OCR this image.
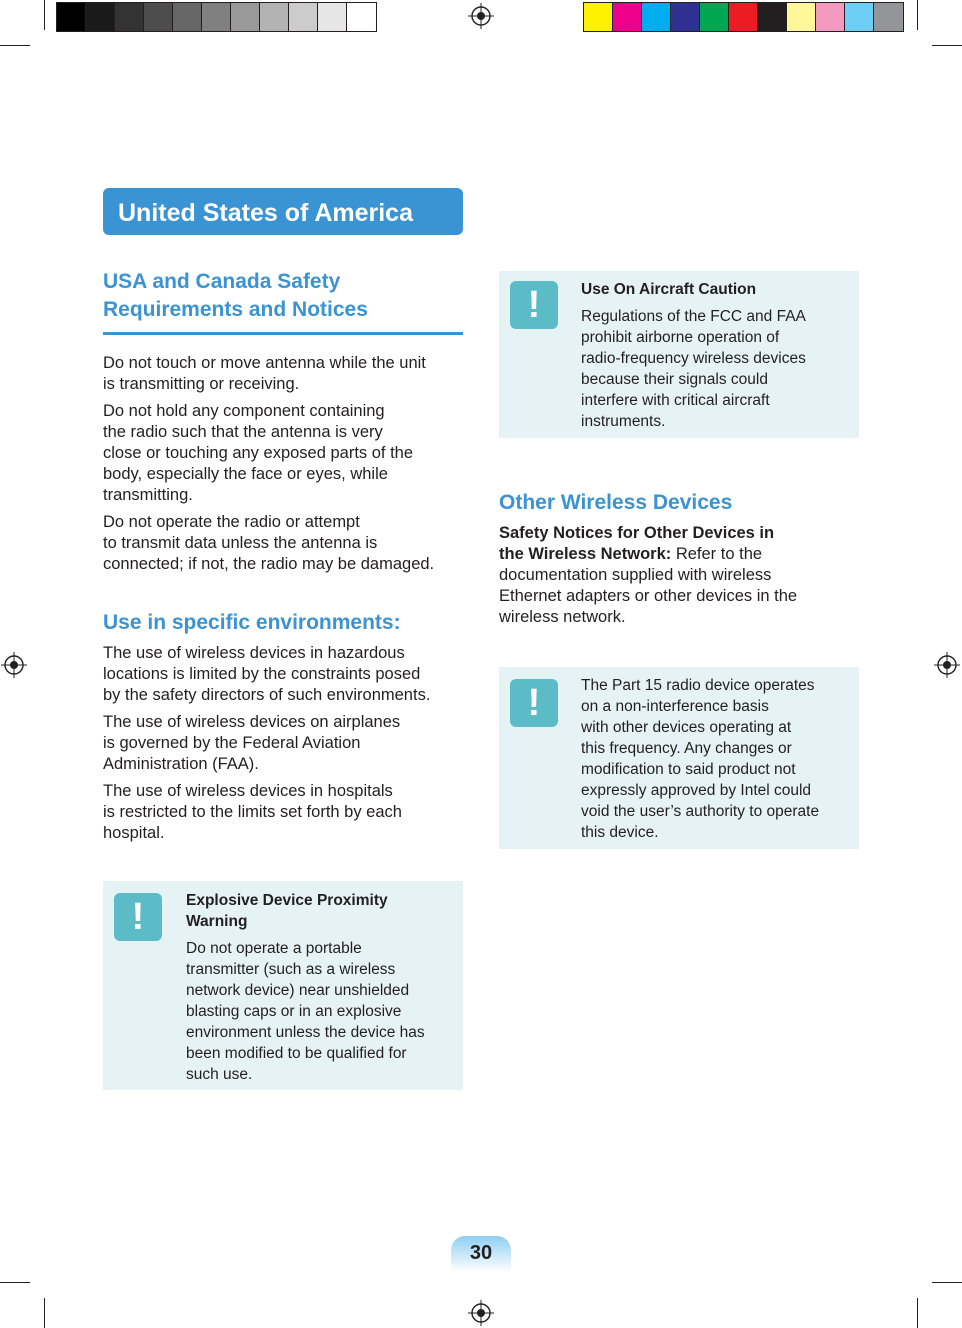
United States of America
USA and Canada Safety
Requirements and Notices
Do not touch or move antenna while the unit
is transmitting or receiving.
Do not hold any component containing
the radio such that the antenna is very
close or touching any exposed parts of the
body, especially the face or eyes, while
transmitting.
Do not operate the radio or attempt
to transmit data unless the antenna is
connected; if not, the radio may be damaged.
Use in specific environments:
The use of wireless devices in hazardous
locations is limited by the constraints posed
by the safety directors of such environments.
The use of wireless devices on airplanes
is governed by the Federal Aviation
Administration (FAA).
The use of wireless devices in hospitals
is restricted to the limits set forth by each
hospital.
!	Explosive Device Proximity
Warning
Do not operate a portable
transmitter (such as a wireless
network device) near unshielded
blasting caps or in an explosive
environment unless the device has
been modified to be qualified for
such use.
!	Use On Aircraft Caution
Regulations of the FCC and FAA
prohibit airborne operation of
radio-frequency wireless devices
because their signals could
interfere with critical aircraft
instruments.
Other Wireless Devices
Safety Notices for Other Devices in
the Wireless Network: Refer to the
documentation supplied with wireless
Ethernet adapters or other devices in the
wireless network.
!	The Part 15 radio device operates
on a non-interference basis
with other devices operating at
this frequency. Any changes or
modification to said product not
expressly approved by Intel could
void the user’s authority to operate
this device.
30
